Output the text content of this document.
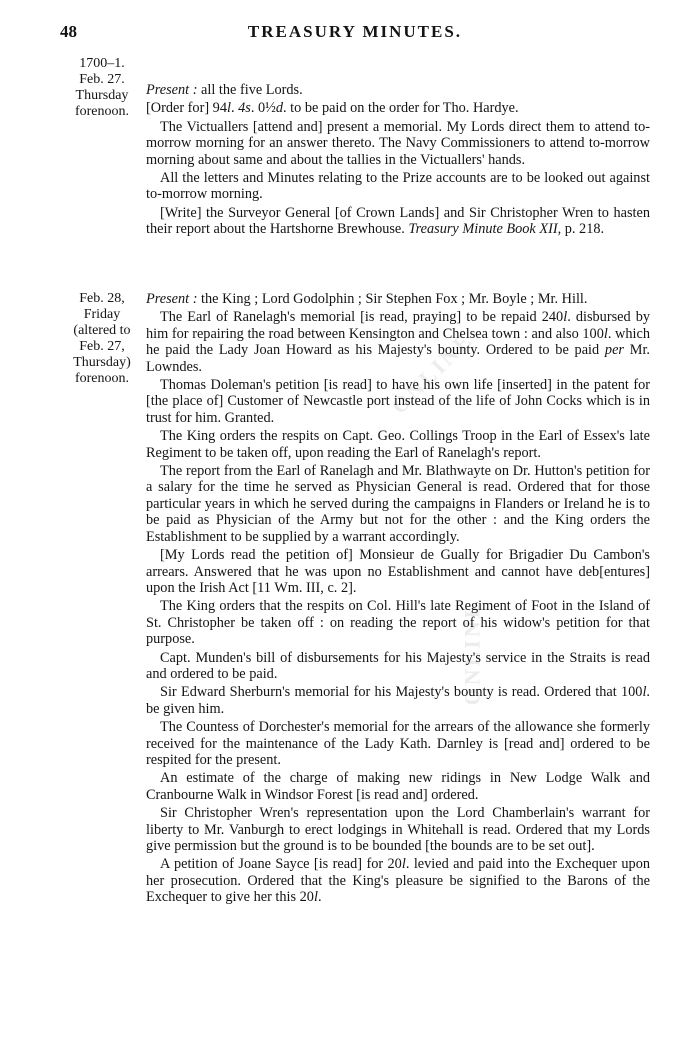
ONLINE
ONLINE
48	TREASURY MINUTES.
1700–1.
Feb. 27.
Thursday
forenoon.

Present : all the five Lords.

[Order for] 94l. 4s. 0½d. to be paid on the order for Tho. Hardye.

The Victuallers [attend and] present a memorial. My Lords direct them to attend to-morrow morning for an answer thereto. The Navy Commissioners to attend to-morrow morning about same and about the tallies in the Victuallers' hands.

All the letters and Minutes relating to the Prize accounts are to be looked out against to-morrow morning.

[Write] the Surveyor General [of Crown Lands] and Sir Christopher Wren to hasten their report about the Hartshorne Brewhouse. Treasury Minute Book XII, p. 218.

Feb. 28,
Friday
(altered to
Feb. 27,
Thursday)
forenoon.

Present : the King ; Lord Godolphin ; Sir Stephen Fox ; Mr. Boyle ; Mr. Hill.

The Earl of Ranelagh's memorial [is read, praying] to be repaid 240l. disbursed by him for repairing the road between Kensington and Chelsea town : and also 100l. which he paid the Lady Joan Howard as his Majesty's bounty. Ordered to be paid per Mr. Lowndes.

Thomas Doleman's petition [is read] to have his own life [inserted] in the patent for [the place of] Customer of Newcastle port instead of the life of John Cocks which is in trust for him. Granted.

The King orders the respits on Capt. Geo. Collings Troop in the Earl of Essex's late Regiment to be taken off, upon reading the Earl of Ranelagh's report.

The report from the Earl of Ranelagh and Mr. Blathwayte on Dr. Hutton's petition for a salary for the time he served as Physician General is read. Ordered that for those particular years in which he served during the campaigns in Flanders or Ireland he is to be paid as Physician of the Army but not for the other : and the King orders the Establishment to be supplied by a warrant accordingly.

[My Lords read the petition of] Monsieur de Gually for Brigadier Du Cambon's arrears. Answered that he was upon no Establishment and cannot have deb[entures] upon the Irish Act [11 Wm. III, c. 2].

The King orders that the respits on Col. Hill's late Regiment of Foot in the Island of St. Christopher be taken off : on reading the report of his widow's petition for that purpose.

Capt. Munden's bill of disbursements for his Majesty's service in the Straits is read and ordered to be paid.

Sir Edward Sherburn's memorial for his Majesty's bounty is read. Ordered that 100l. be given him.

The Countess of Dorchester's memorial for the arrears of the allowance she formerly received for the maintenance of the Lady Kath. Darnley is [read and] ordered to be respited for the present.

An estimate of the charge of making new ridings in New Lodge Walk and Cranbourne Walk in Windsor Forest [is read and] ordered.

Sir Christopher Wren's representation upon the Lord Chamberlain's warrant for liberty to Mr. Vanburgh to erect lodgings in Whitehall is read. Ordered that my Lords give permission but the ground is to be bounded [the bounds are to be set out].

A petition of Joane Sayce [is read] for 20l. levied and paid into the Exchequer upon her prosecution. Ordered that the King's pleasure be signified to the Barons of the Exchequer to give her this 20l.
